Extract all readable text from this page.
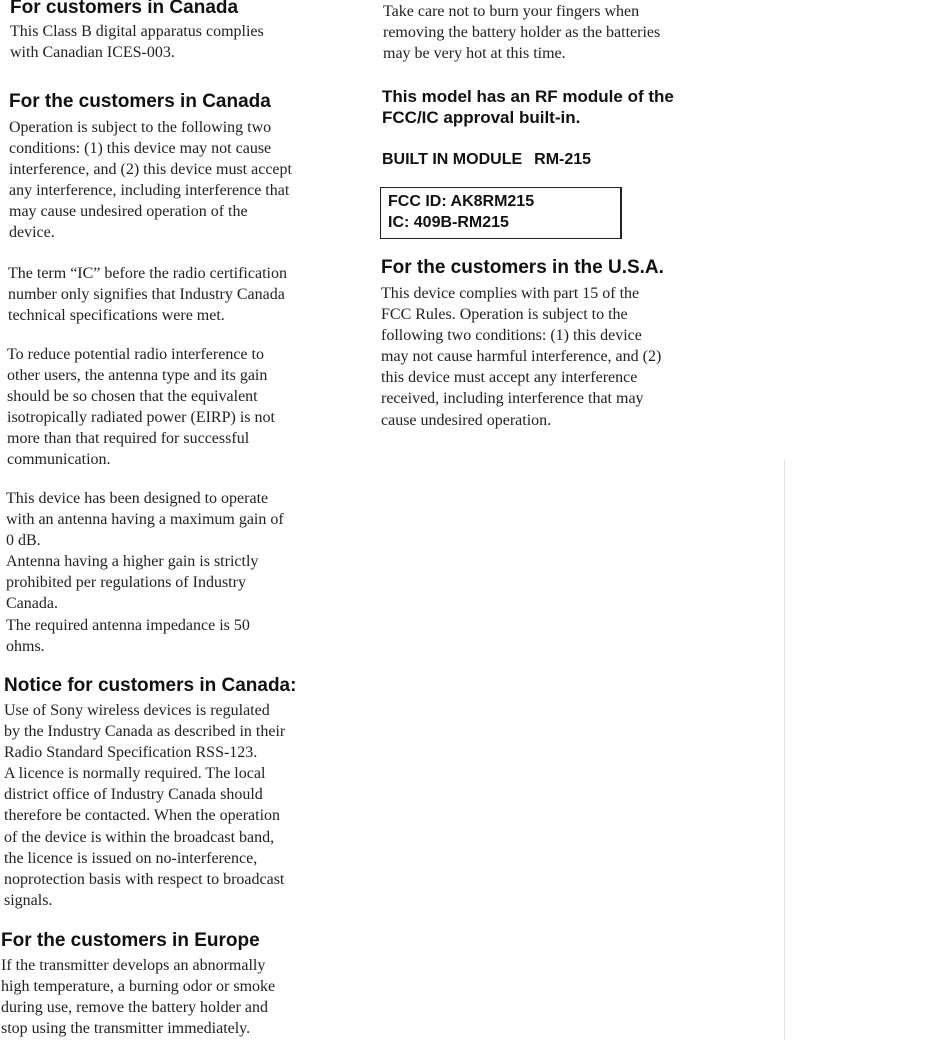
For customers in Canada

This Class B digital apparatus complies
with Canadian ICES-003.

For the customers in Canada

Operation is subject to the following two
conditions: (1) this device may not cause
interference, and (2) this device must accept
any interference, including interference that
may cause undesired operation of the
device.

The term “IC” before the radio certification
number only signifies that Industry Canada
technical specifications were met.

To reduce potential radio interference to
other users, the antenna type and its gain
should be so chosen that the equivalent
isotropically radiated power (EIRP) is not
more than that required for successful
communication.

This device has been designed to operate
with an antenna having a maximum gain of
0 dB.
Antenna having a higher gain is strictly
prohibited per regulations of Industry
Canada.
The required antenna impedance is 50
ohms.

Notice for customers in Canada:

Use of Sony wireless devices is regulated
by the Industry Canada as described in their
Radio Standard Specification RSS-123.
A licence is normally required. The local
district office of Industry Canada should
therefore be contacted. When the operation
of the device is within the broadcast band,
the licence is issued on no-interference,
noprotection basis with respect to broadcast
signals.

For the customers in Europe

If the transmitter develops an abnormally
high temperature, a burning odor or smoke
during use, remove the battery holder and
stop using the transmitter immediately.

Take care not to burn your fingers when
removing the battery holder as the batteries
may be very hot at this time.

This model has an RF module of the
FCC/IC approval built-in.
BUILT IN MODULE RM-215
FCC ID: AK8RM215
IC: 409B-RM215
For the customers in the U.S.A.

This device complies with part 15 of the
FCC Rules. Operation is subject to the
following two conditions: (1) this device
may not cause harmful interference, and (2)
this device must accept any interference
received, including interference that may
cause undesired operation.
